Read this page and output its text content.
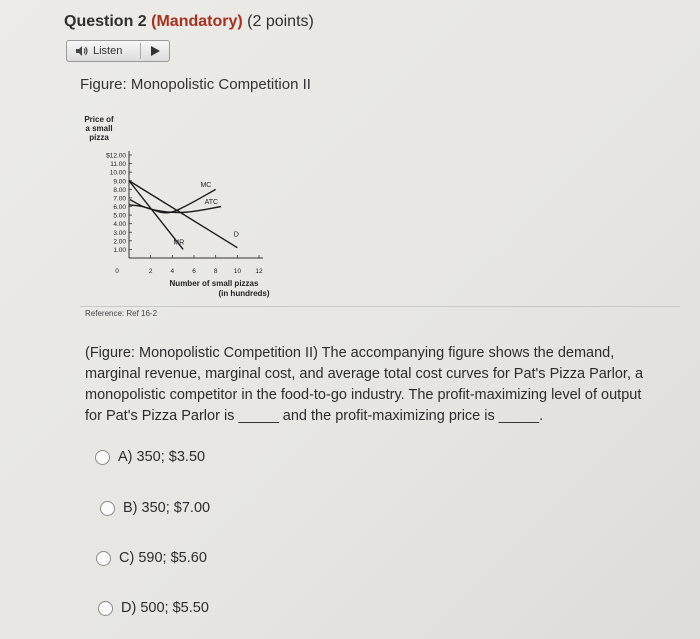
Question 2 (Mandatory) (2 points)
Listen
Figure: Monopolistic Competition II
Price of
a small
pizza
$12.00
11.00
10.00
9.00
8.00
7.00
6.00
5.00
4.00
3.00
2.00
1.00
0	2	4	6	8 10 12
D
MR
MC
ATC
Number of small pizzas
(in hundreds)
Reference: Ref 16-2
(Figure: Monopolistic Competition II) The accompanying figure shows the demand, marginal revenue, marginal cost, and average total cost curves for Pat's Pizza Parlor, a monopolistic competitor in the food-to-go industry. The profit-maximizing level of output for Pat's Pizza Parlor is _____ and the profit-maximizing price is _____.
A)
350; $3.50
B)
350; $7.00
C)
590; $5.60
D)
500; $5.50
